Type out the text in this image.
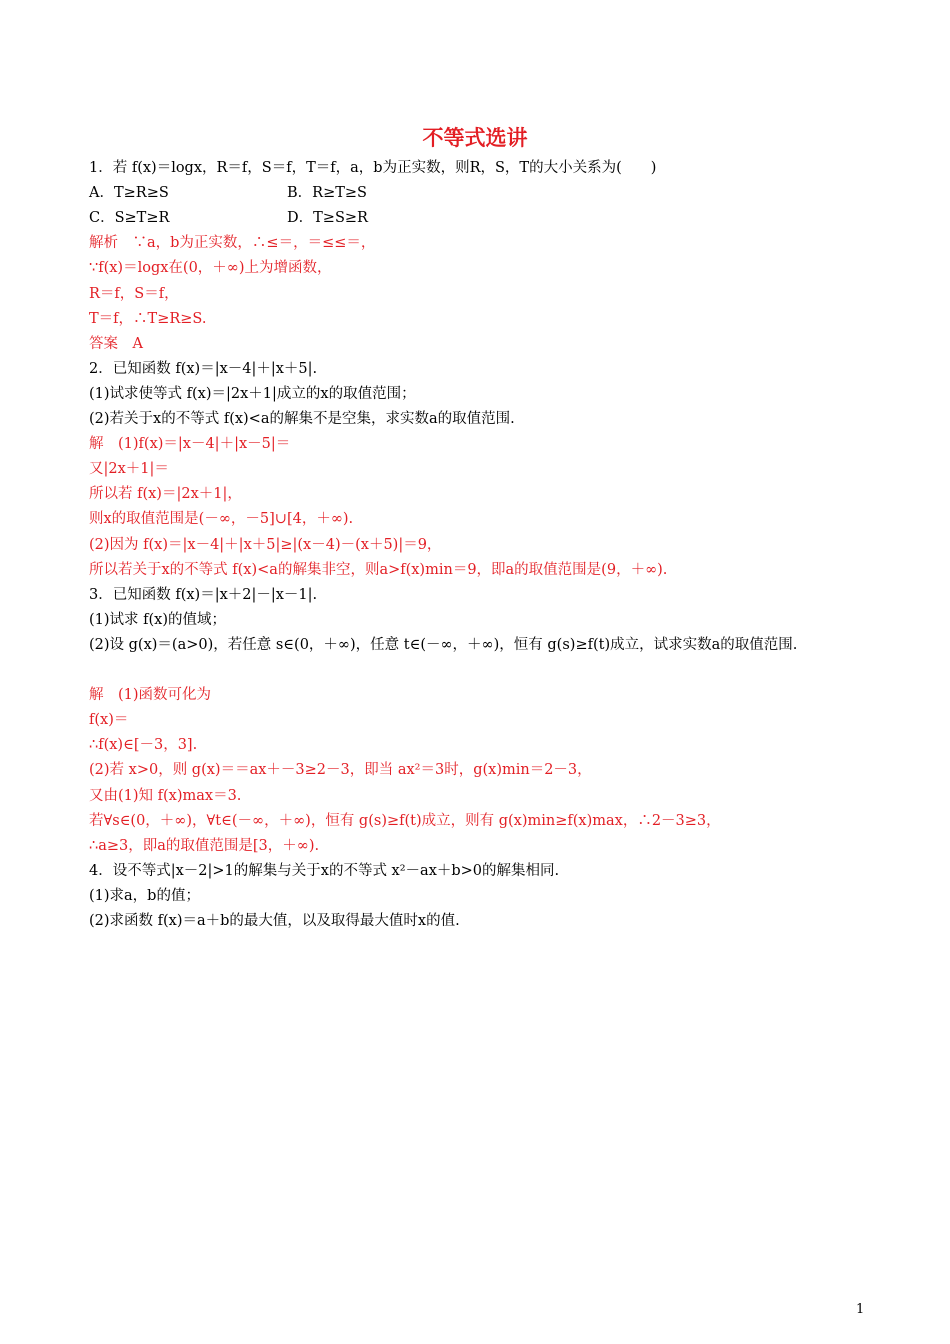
不等式选讲
1．若 f(x)＝logx，R＝f，S＝f，T＝f，a，b为正实数，则R，S，T的大小关系为(　　)
A．T≥R≥S	B．R≥T≥S
C．S≥T≥R	D．T≥S≥R
解析　∵a，b为正实数，∴≤＝，＝≤≤＝，
∵f(x)＝logx在(0，＋∞)上为增函数，
R＝f，S＝f，
T＝f，∴T≥R≥S.
答案　A
2．已知函数 f(x)＝|x－4|＋|x＋5|.
(1)试求使等式 f(x)＝|2x＋1|成立的x的取值范围；
(2)若关于x的不等式 f(x)<a的解集不是空集，求实数a的取值范围.
解　(1)f(x)＝|x－4|＋|x－5|＝
又|2x＋1|＝
所以若 f(x)＝|2x＋1|，
则x的取值范围是(－∞，－5]∪[4，＋∞).
(2)因为 f(x)＝|x－4|＋|x＋5|≥|(x－4)－(x＋5)|＝9，
所以若关于x的不等式 f(x)<a的解集非空，则a>f(x)min＝9，即a的取值范围是(9，＋∞).
3．已知函数 f(x)＝|x＋2|－|x－1|.
(1)试求 f(x)的值域；
(2)设 g(x)＝(a>0)，若任意 s∈(0，＋∞)，任意 t∈(－∞，＋∞)，恒有 g(s)≥f(t)成立，试求实数a的取值范围.
解　(1)函数可化为
f(x)＝
∴f(x)∈[－3，3].
(2)若 x>0，则 g(x)＝＝ax＋－3≥2－3，即当 ax²＝3时，g(x)min＝2－3，
又由(1)知 f(x)max＝3.
若∀s∈(0，＋∞)，∀t∈(－∞，＋∞)，恒有 g(s)≥f(t)成立，则有 g(x)min≥f(x)max，∴2－3≥3，
∴a≥3，即a的取值范围是[3，＋∞).
4．设不等式|x－2|>1的解集与关于x的不等式 x²－ax＋b>0的解集相同.
(1)求a，b的值；
(2)求函数 f(x)＝a＋b的最大值，以及取得最大值时x的值.
1
